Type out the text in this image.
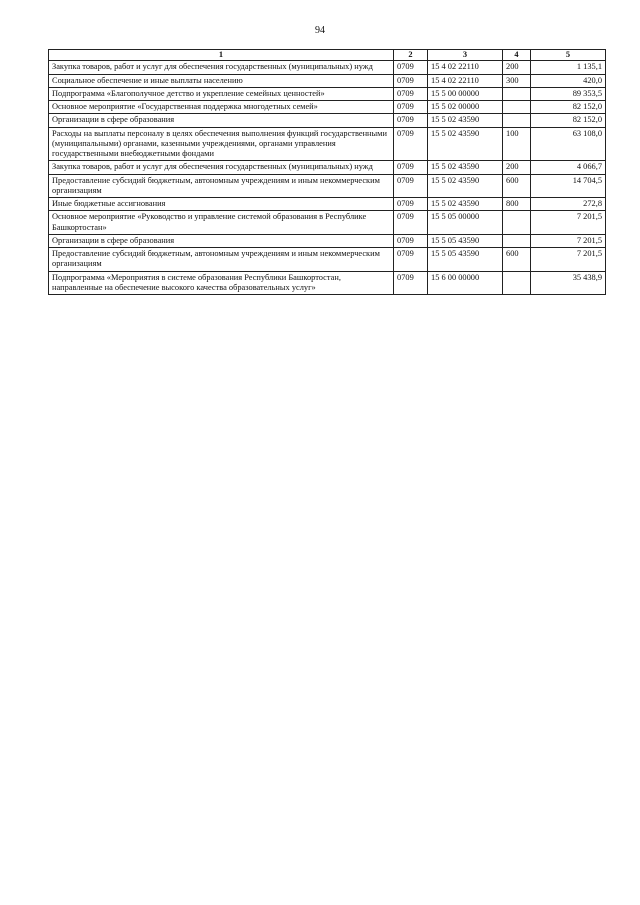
94
1	2	3	4	5
Закупка товаров, работ и услуг для обеспечения государственных (муниципальных) нужд	0709	15 4 02 22110	200	1 135,1
Социальное обеспечение и иные выплаты населению	0709	15 4 02 22110	300	420,0
Подпрограмма «Благополучное детство и укрепление семейных ценностей»	0709	15 5 00 00000		89 353,5
Основное мероприятие «Государственная поддержка многодетных семей»	0709	15 5 02 00000		82 152,0
Организации в сфере образования	0709	15 5 02 43590		82 152,0
Расходы на выплаты персоналу в целях обеспечения выполнения функций государственными (муниципальными) органами, казенными учреждениями, органами управления государственными внебюджетными фондами	0709	15 5 02 43590	100	63 108,0
Закупка товаров, работ и услуг для обеспечения государственных (муниципальных) нужд	0709	15 5 02 43590	200	4 066,7
Предоставление субсидий бюджетным, автономным учреждениям и иным некоммерческим организациям	0709	15 5 02 43590	600	14 704,5
Иные бюджетные ассигнования	0709	15 5 02 43590	800	272,8
Основное мероприятие «Руководство и управление системой образования в Республике Башкортостан»	0709	15 5 05 00000		7 201,5
Организации в сфере образования	0709	15 5 05 43590		7 201,5
Предоставление субсидий бюджетным, автономным учреждениям и иным некоммерческим организациям	0709	15 5 05 43590	600	7 201,5
Подпрограмма «Мероприятия в системе образования Республики Башкортостан, направленные на обеспечение высокого качества образовательных услуг»	0709	15 6 00 00000		35 438,9
